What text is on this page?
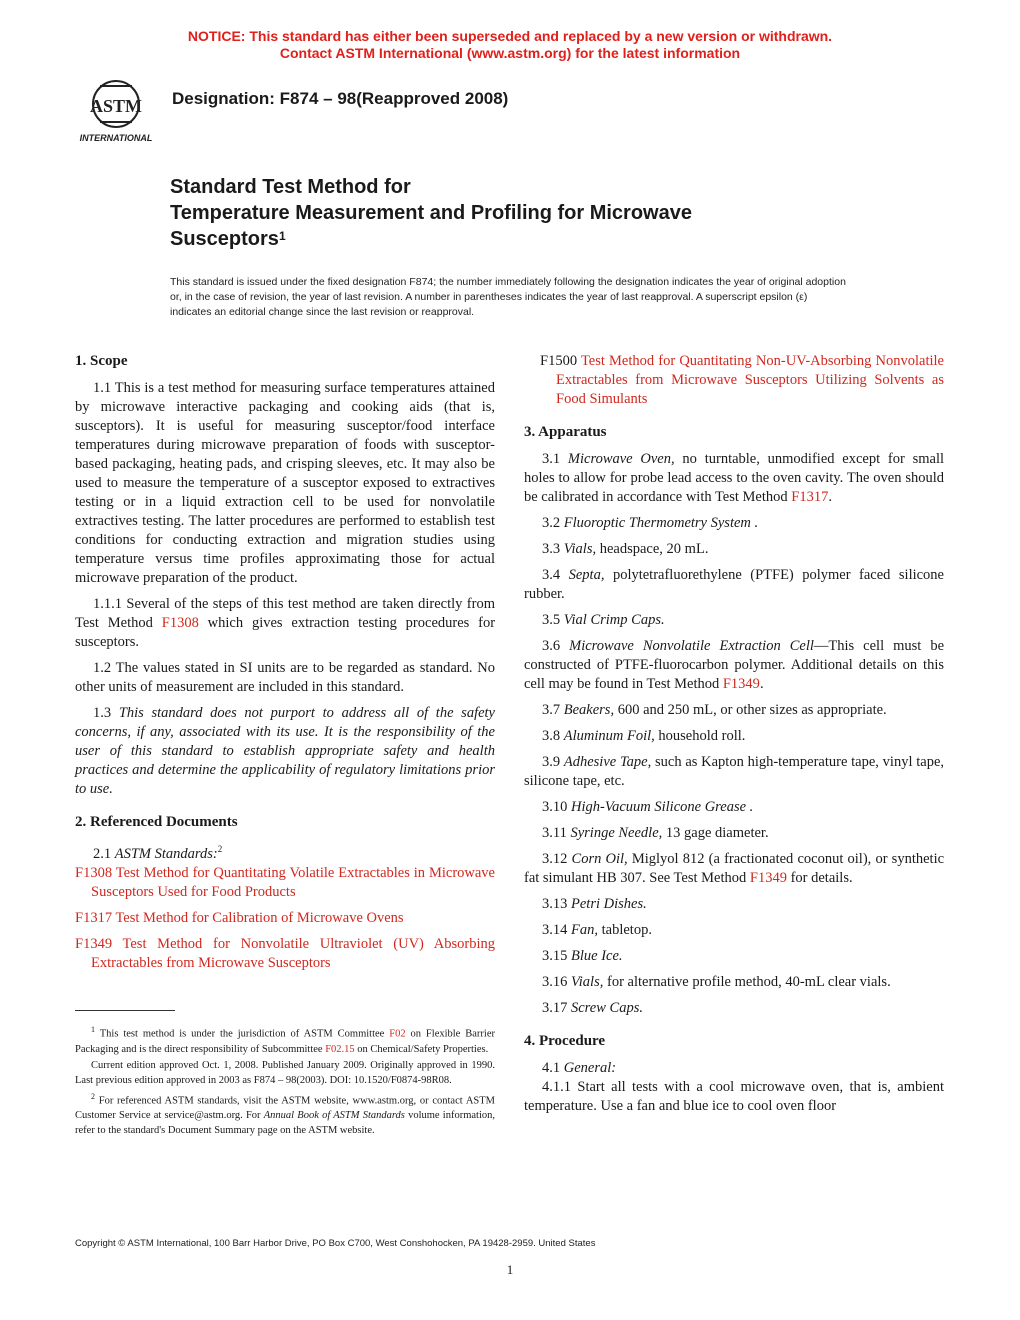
NOTICE: This standard has either been superseded and replaced by a new version or withdrawn.
Contact ASTM International (www.astm.org) for the latest information
ASTM
INTERNATIONAL
Designation: F874 – 98(Reapproved 2008)
Standard Test Method for
Temperature Measurement and Profiling for Microwave
Susceptors$^1$
This standard is issued under the fixed designation F874; the number immediately following the designation indicates the year of original adoption or, in the case of revision, the year of last revision. A number in parentheses indicates the year of last reapproval. A superscript epsilon (ε) indicates an editorial change since the last revision or reapproval.
1. Scope

1.1 This is a test method for measuring surface temperatures attained by microwave interactive packaging and cooking aids (that is, susceptors). It is useful for measuring susceptor/food interface temperatures during microwave preparation of foods with susceptor-based packaging, heating pads, and crisping sleeves, etc. It may also be used to measure the temperature of a susceptor exposed to extractives testing or in a liquid extraction cell to be used for nonvolatile extractives testing. The latter procedures are performed to establish test conditions for conducting extraction and migration studies using temperature versus time profiles approximating those for actual microwave preparation of the product.

1.1.1 Several of the steps of this test method are taken directly from Test Method F1308 which gives extraction testing procedures for susceptors.

1.2 The values stated in SI units are to be regarded as standard. No other units of measurement are included in this standard.

1.3 This standard does not purport to address all of the safety concerns, if any, associated with its use. It is the responsibility of the user of this standard to establish appropriate safety and health practices and determine the applicability of regulatory limitations prior to use.

2. Referenced Documents

2.1 ASTM Standards:$^2$

F1308 Test Method for Quantitating Volatile Extractables in Microwave Susceptors Used for Food Products

F1317 Test Method for Calibration of Microwave Ovens

F1349 Test Method for Nonvolatile Ultraviolet (UV) Absorbing Extractables from Microwave Susceptors

$^1$ This test method is under the jurisdiction of ASTM Committee F02 on Flexible Barrier Packaging and is the direct responsibility of Subcommittee F02.15 on Chemical/Safety Properties.

Current edition approved Oct. 1, 2008. Published January 2009. Originally approved in 1990. Last previous edition approved in 2003 as F874 – 98(2003). DOI: 10.1520/F0874-98R08.

$^2$ For referenced ASTM standards, visit the ASTM website, www.astm.org, or contact ASTM Customer Service at service@astm.org. For Annual Book of ASTM Standards volume information, refer to the standard's Document Summary page on the ASTM website.

F1500 Test Method for Quantitating Non-UV-Absorbing Nonvolatile Extractables from Microwave Susceptors Utilizing Solvents as Food Simulants

3. Apparatus

3.1 Microwave Oven, no turntable, unmodified except for small holes to allow for probe lead access to the oven cavity. The oven should be calibrated in accordance with Test Method F1317.

3.2 Fluoroptic Thermometry System .

3.3 Vials, headspace, 20 mL.

3.4 Septa, polytetrafluorethylene (PTFE) polymer faced silicone rubber.

3.5 Vial Crimp Caps.

3.6 Microwave Nonvolatile Extraction Cell—This cell must be constructed of PTFE-fluorocarbon polymer. Additional details on this cell may be found in Test Method F1349.

3.7 Beakers, 600 and 250 mL, or other sizes as appropriate.

3.8 Aluminum Foil, household roll.

3.9 Adhesive Tape, such as Kapton high-temperature tape, vinyl tape, silicone tape, etc.

3.10 High-Vacuum Silicone Grease .

3.11 Syringe Needle, 13 gage diameter.

3.12 Corn Oil, Miglyol 812 (a fractionated coconut oil), or synthetic fat simulant HB 307. See Test Method F1349 for details.

3.13 Petri Dishes.

3.14 Fan, tabletop.

3.15 Blue Ice.

3.16 Vials, for alternative profile method, 40-mL clear vials.

3.17 Screw Caps.

4. Procedure

4.1 General:

4.1.1 Start all tests with a cool microwave oven, that is, ambient temperature. Use a fan and blue ice to cool oven floor

Copyright © ASTM International, 100 Barr Harbor Drive, PO Box C700, West Conshohocken, PA 19428-2959. United States
1
